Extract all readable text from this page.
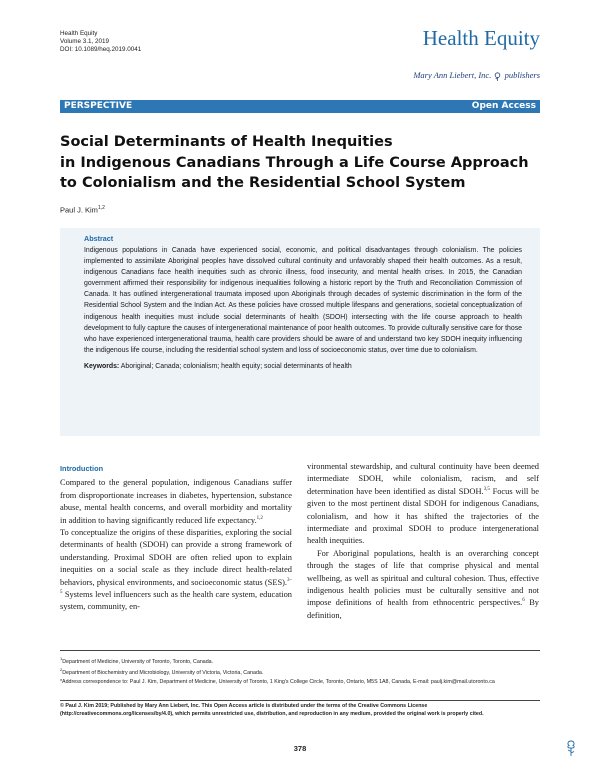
Health Equity
Volume 3.1, 2019
DOI: 10.1089/heq.2019.0041	Health Equity
Mary Ann Liebert, Inc. publishers
PERSPECTIVE	Open Access
Social Determinants of Health Inequities
in Indigenous Canadians Through a Life Course Approach
to Colonialism and the Residential School System
Paul J. Kim$^{1,2}$
Abstract
Indigenous populations in Canada have experienced social, economic, and political disadvantages through colonialism. The policies implemented to assimilate Aboriginal peoples have dissolved cultural continuity and unfavorably shaped their health outcomes. As a result, indigenous Canadians face health inequities such as chronic illness, food insecurity, and mental health crises. In 2015, the Canadian government affirmed their responsibility for indigenous inequalities following a historic report by the Truth and Reconciliation Commission of Canada. It has outlined intergenerational traumata imposed upon Aboriginals through decades of systemic discrimination in the form of the Residential School System and the Indian Act. As these policies have crossed multiple lifespans and generations, societal conceptualization of indigenous health inequities must include social determinants of health (SDOH) intersecting with the life course approach to health development to fully capture the causes of intergenerational maintenance of poor health outcomes. To provide culturally sensitive care for those who have experienced intergenerational trauma, health care providers should be aware of and understand two key SDOH inequity influencing the indigenous life course, including the residential school system and loss of socioeconomic status, over time due to colonialism.
Keywords: Aboriginal; Canada; colonialism; health equity; social determinants of health
Introduction

Compared to the general population, indigenous Canadians suffer from disproportionate increases in diabetes, hypertension, substance abuse, mental health concerns, and overall morbidity and mortality in addition to having significantly reduced life expectancy.$^{1,2}$
To conceptualize the origins of these disparities, exploring the social determinants of health (SDOH) can provide a strong framework of understanding. Proximal SDOH are often relied upon to explain inequities on a social scale as they include direct health-related behaviors, physical environments, and socioeconomic status (SES).$^{3-5}$ Systems level influencers such as the health care system, education system, community, en-

vironmental stewardship, and cultural continuity have been deemed intermediate SDOH, while colonialism, racism, and self determination have been identified as distal SDOH.$^{3,5}$ Focus will be given to the most pertinent distal SDOH for indigenous Canadians, colonialism, and how it has shifted the trajectories of the intermediate and proximal SDOH to produce intergenerational health inequities.

For Aboriginal populations, health is an overarching concept through the stages of life that comprise physical and mental wellbeing, as well as spiritual and cultural cohesion. Thus, effective indigenous health policies must be culturally sensitive and not impose definitions of health from ethnocentric perspectives.$^6$ By definition,

$^1$Department of Medicine, University of Toronto, Toronto, Canada.
$^2$Department of Biochemistry and Microbiology, University of Victoria, Victoria, Canada.
*Address correspondence to: Paul J. Kim, Department of Medicine, University of Toronto, 1 King's College Circle, Toronto, Ontario, M5S 1A8, Canada, E-mail: paulj.kim@mail.utoronto.ca
© Paul J. Kim 2019; Published by Mary Ann Liebert, Inc. This Open Access article is distributed under the terms of the Creative Commons License (http://creativecommons.org/licenses/by/4.0), which permits unrestricted use, distribution, and reproduction in any medium, provided the original work is properly cited.
378
